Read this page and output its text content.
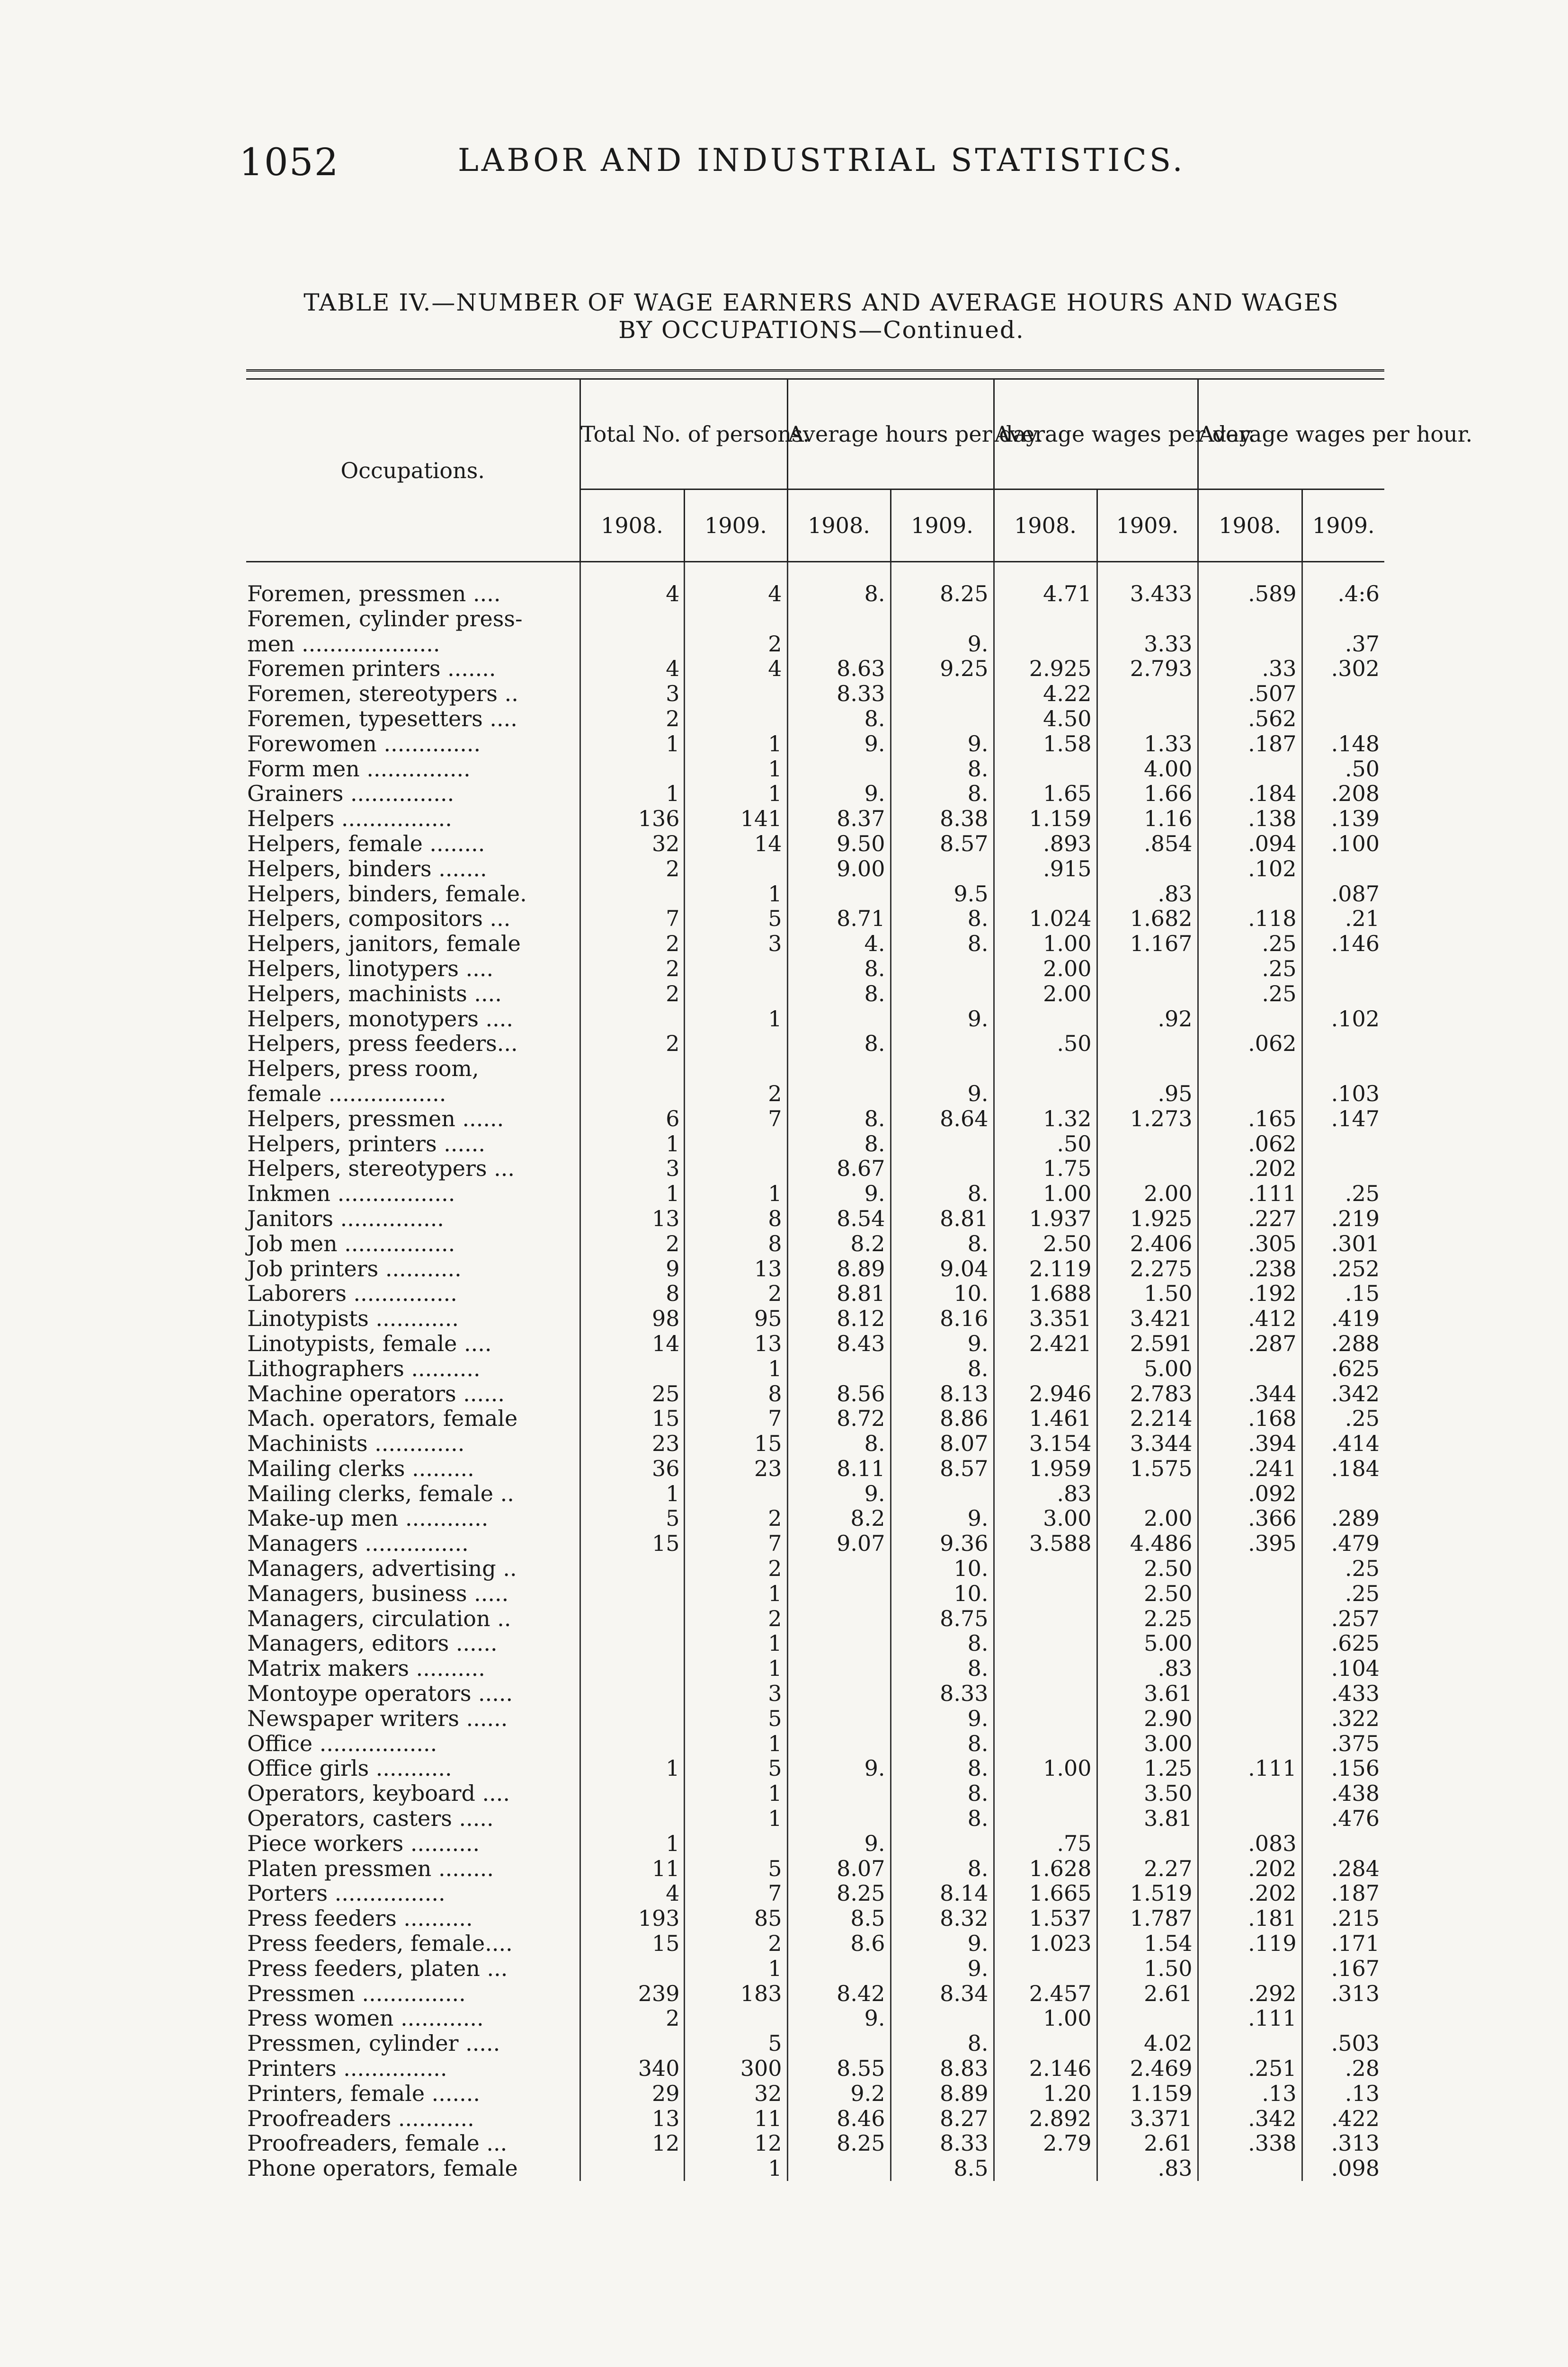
1052	LABOR AND INDUSTRIAL STATISTICS.
TABLE IV.—NUMBER OF WAGE EARNERS AND AVERAGE HOURS AND WAGES
BY OCCUPATIONS—Continued.

Occupations.	Total No. of persons.		Average hours per day.		Average wages per day.		Average wages per hour.	
	1908.	1909.	1908.	1909.	1908.	1909.	1908.	1909.

Foremen, pressmen ....	4	4	8.	8.25	4.71	3.433	.589	.4:6
Foremen, cylinder press-								
men ....................		2		9.		3.33		.37
Foremen printers .......	4	4	8.63	9.25	2.925	2.793	.33	.302
Foremen, stereotypers ..	3		8.33		4.22		.507	
Foremen, typesetters ....	2		8.		4.50		.562	
Forewomen ..............	1	1	9.	9.	1.58	1.33	.187	.148
Form men ...............		1		8.		4.00		.50
Grainers ...............	1	1	9.	8.	1.65	1.66	.184	.208
Helpers ................	136	141	8.37	8.38	1.159	1.16	.138	.139
Helpers, female ........	32	14	9.50	8.57	.893	.854	.094	.100
Helpers, binders .......	2		9.00		.915		.102	
Helpers, binders, female.		1		9.5		.83		.087
Helpers, compositors ...	7	5	8.71	8.	1.024	1.682	.118	.21
Helpers, janitors, female	2	3	4.	8.	1.00	1.167	.25	.146
Helpers, linotypers ....	2		8.		2.00		.25	
Helpers, machinists ....	2		8.		2.00		.25	
Helpers, monotypers ....		1		9.		.92		.102
Helpers, press feeders...	2		8.		.50		.062	
Helpers, press room,								
female .................		2		9.		.95		.103
Helpers, pressmen ......	6	7	8.	8.64	1.32	1.273	.165	.147
Helpers, printers ......	1		8.		.50		.062	
Helpers, stereotypers ...	3		8.67		1.75		.202	
Inkmen .................	1	1	9.	8.	1.00	2.00	.111	.25
Janitors ...............	13	8	8.54	8.81	1.937	1.925	.227	.219
Job men ................	2	8	8.2	8.	2.50	2.406	.305	.301
Job printers ...........	9	13	8.89	9.04	2.119	2.275	.238	.252
Laborers ...............	8	2	8.81	10.	1.688	1.50	.192	.15
Linotypists ............	98	95	8.12	8.16	3.351	3.421	.412	.419
Linotypists, female ....	14	13	8.43	9.	2.421	2.591	.287	.288
Lithographers ..........		1		8.		5.00		.625
Machine operators ......	25	8	8.56	8.13	2.946	2.783	.344	.342
Mach. operators, female	15	7	8.72	8.86	1.461	2.214	.168	.25
Machinists .............	23	15	8.	8.07	3.154	3.344	.394	.414
Mailing clerks .........	36	23	8.11	8.57	1.959	1.575	.241	.184
Mailing clerks, female ..	1		9.		.83		.092	
Make-up men ............	5	2	8.2	9.	3.00	2.00	.366	.289
Managers ...............	15	7	9.07	9.36	3.588	4.486	.395	.479
Managers, advertising ..		2		10.		2.50		.25
Managers, business .....		1		10.		2.50		.25
Managers, circulation ..		2		8.75		2.25		.257
Managers, editors ......		1		8.		5.00		.625
Matrix makers ..........		1		8.		.83		.104
Montoype operators .....		3		8.33		3.61		.433
Newspaper writers ......		5		9.		2.90		.322
Office .................		1		8.		3.00		.375
Office girls ...........	1	5	9.	8.	1.00	1.25	.111	.156
Operators, keyboard ....		1		8.		3.50		.438
Operators, casters .....		1		8.		3.81		.476
Piece workers ..........	1		9.		.75		.083	
Platen pressmen ........	11	5	8.07	8.	1.628	2.27	.202	.284
Porters ................	4	7	8.25	8.14	1.665	1.519	.202	.187
Press feeders ..........	193	85	8.5	8.32	1.537	1.787	.181	.215
Press feeders, female....	15	2	8.6	9.	1.023	1.54	.119	.171
Press feeders, platen ...		1		9.		1.50		.167
Pressmen ...............	239	183	8.42	8.34	2.457	2.61	.292	.313
Press women ............	2		9.		1.00		.111	
Pressmen, cylinder .....		5		8.		4.02		.503
Printers ...............	340	300	8.55	8.83	2.146	2.469	.251	.28
Printers, female .......	29	32	9.2	8.89	1.20	1.159	.13	.13
Proofreaders ...........	13	11	8.46	8.27	2.892	3.371	.342	.422
Proofreaders, female ...	12	12	8.25	8.33	2.79	2.61	.338	.313
Phone operators, female		1		8.5		.83		.098
